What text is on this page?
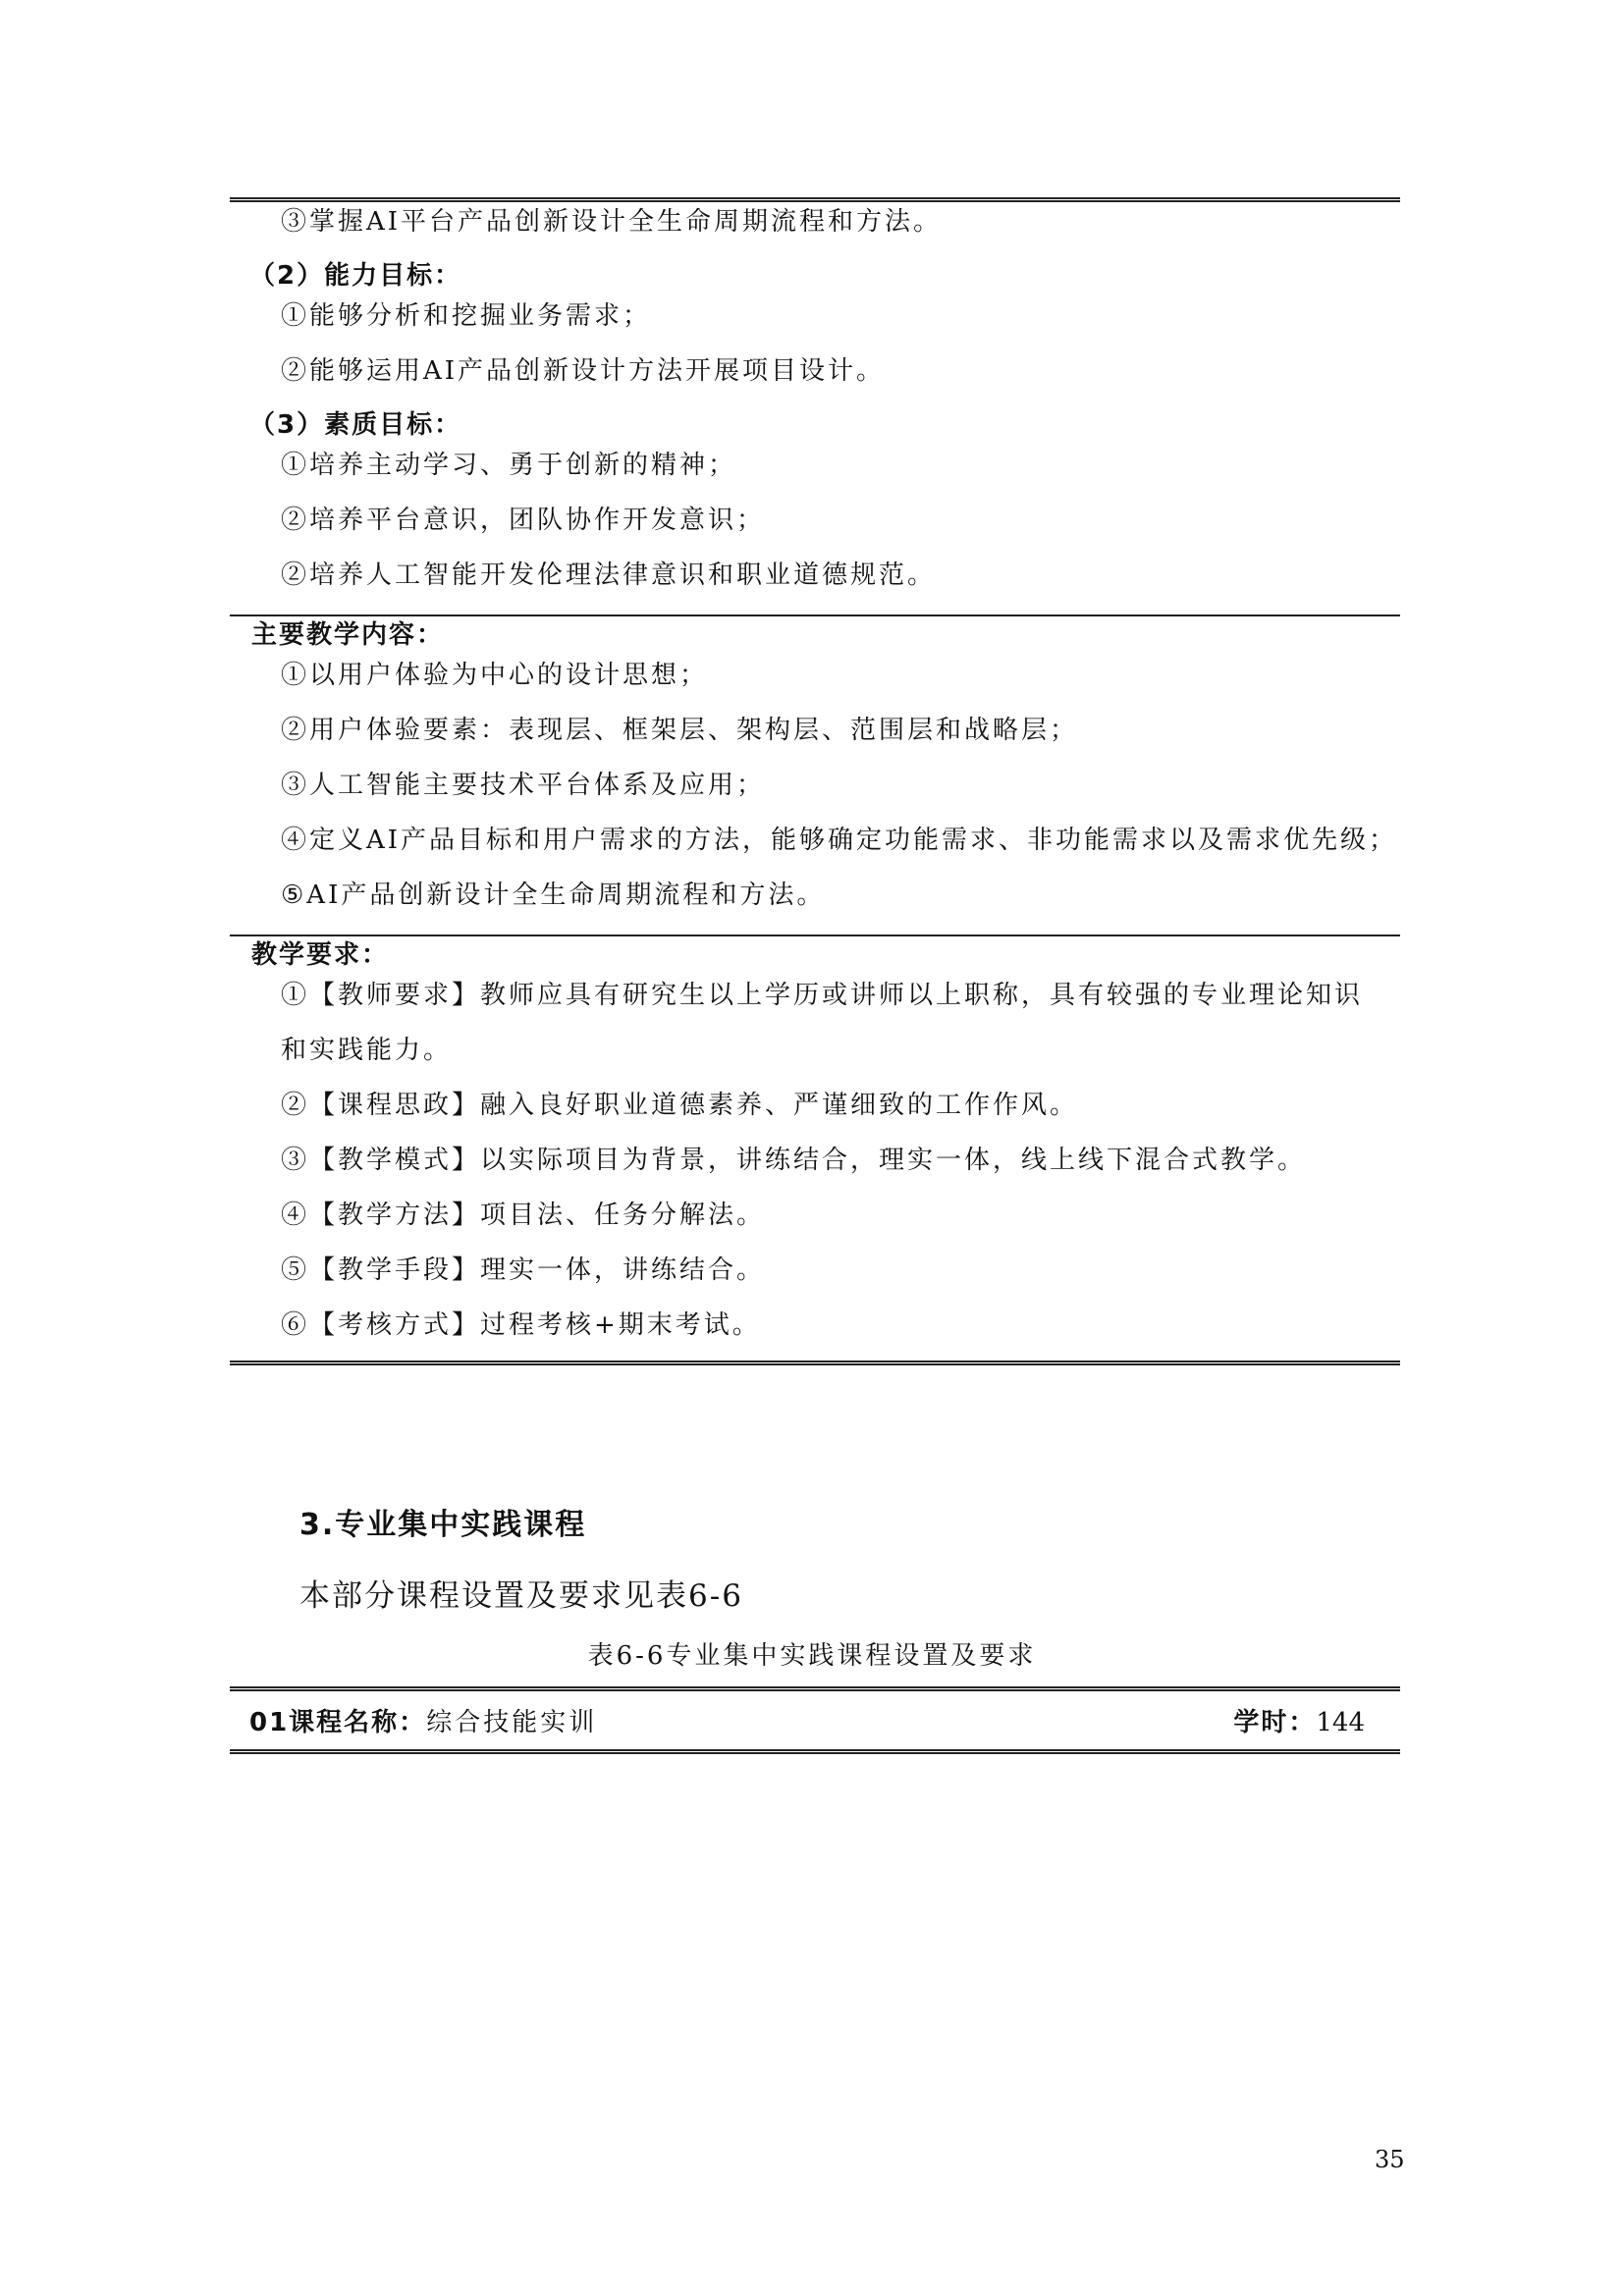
③掌握AI平台产品创新设计全生命周期流程和方法。
（2）能力目标：
①能够分析和挖掘业务需求；
②能够运用AI产品创新设计方法开展项目设计。
（3）素质目标：
①培养主动学习、勇于创新的精神；
②培养平台意识，团队协作开发意识；
②培养人工智能开发伦理法律意识和职业道德规范。
主要教学内容：
①以用户体验为中心的设计思想；
②用户体验要素：表现层、框架层、架构层、范围层和战略层；
③人工智能主要技术平台体系及应用；
④定义AI产品目标和用户需求的方法，能够确定功能需求、非功能需求以及需求优先级；
⑤AI产品创新设计全生命周期流程和方法。
教学要求：
①【教师要求】教师应具有研究生以上学历或讲师以上职称，具有较强的专业理论知识
和实践能力。
②【课程思政】融入良好职业道德素养、严谨细致的工作作风。
③【教学模式】以实际项目为背景，讲练结合，理实一体，线上线下混合式教学。
④【教学方法】项目法、任务分解法。
⑤【教学手段】理实一体，讲练结合。
⑥【考核方式】过程考核+期末考试。
3.专业集中实践课程
本部分课程设置及要求见表6-6
表6-6专业集中实践课程设置及要求
01课程名称：综合技能实训	学时：144
35
